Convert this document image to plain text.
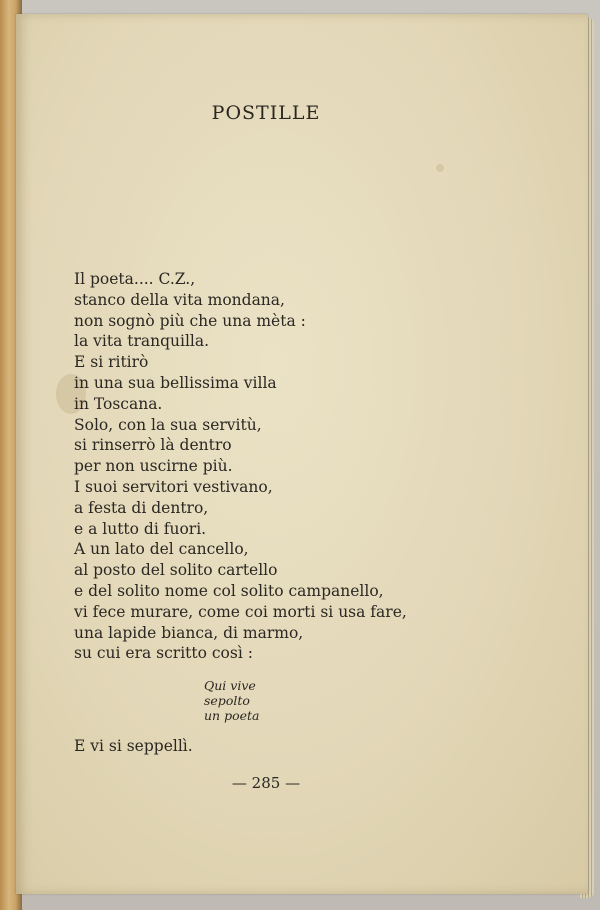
POSTILLE
Il poeta.... C.Z.,
stanco della vita mondana,
non sognò più che una mèta :
la vita tranquilla.
E si ritirò
in una sua bellissima villa
in Toscana.
Solo, con la sua servitù,
si rinserrò là dentro
per non uscirne più.
I suoi servitori vestivano,
a festa di dentro,
e a lutto di fuori.
A un lato del cancello,
al posto del solito cartello
e del solito nome col solito campanello,
vi fece murare, come coi morti si usa fare,
una lapide bianca, di marmo,
su cui era scritto così :
Qui vive
sepolto
un poeta
E vi si seppellì.
— 285 —
